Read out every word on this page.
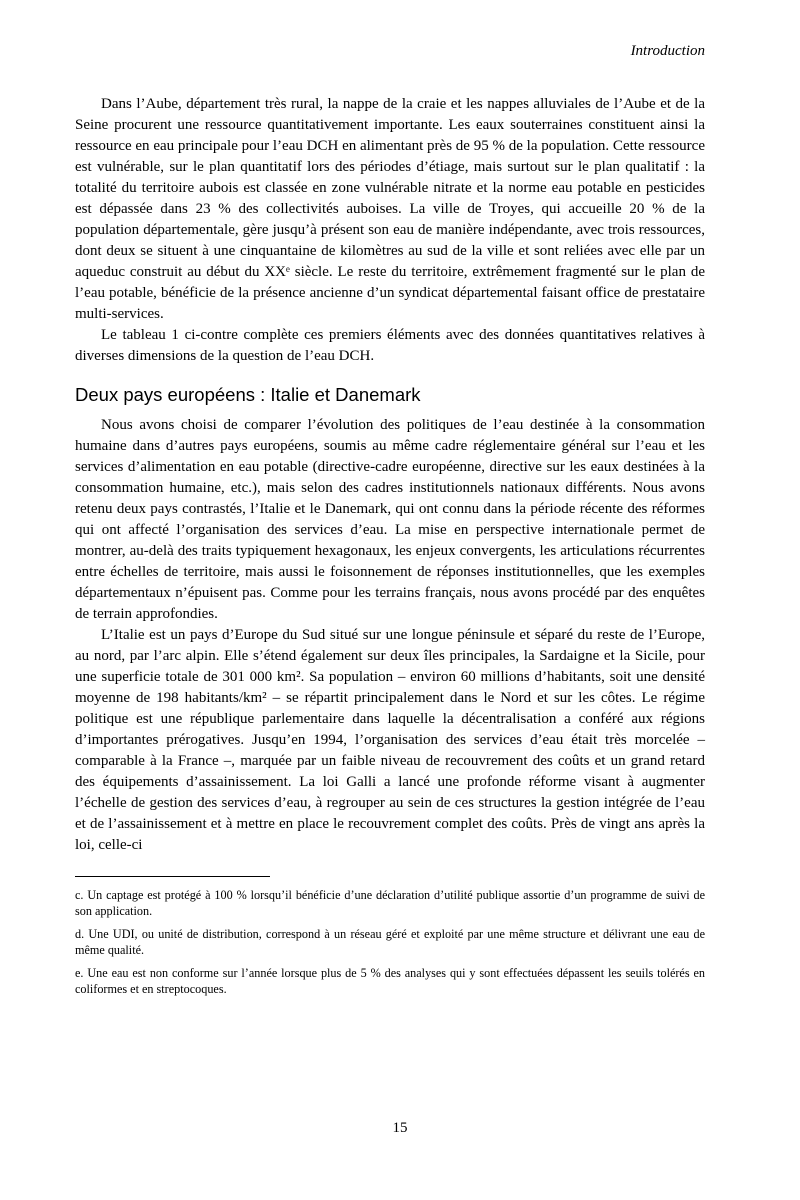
Introduction

Dans l’Aube, département très rural, la nappe de la craie et les nappes alluviales de l’Aube et de la Seine procurent une ressource quantitativement importante. Les eaux souterraines constituent ainsi la ressource en eau principale pour l’eau DCH en alimentant près de 95 % de la population. Cette ressource est vulnérable, sur le plan quantitatif lors des périodes d’étiage, mais surtout sur le plan qualitatif : la totalité du territoire aubois est classée en zone vulnérable nitrate et la norme eau potable en pesticides est dépassée dans 23 % des collectivités auboises. La ville de Troyes, qui accueille 20 % de la population départementale, gère jusqu’à présent son eau de manière indépendante, avec trois ressources, dont deux se situent à une cinquantaine de kilomètres au sud de la ville et sont reliées avec elle par un aqueduc construit au début du XXᵉ siècle. Le reste du territoire, extrêmement fragmenté sur le plan de l’eau potable, bénéficie de la présence ancienne d’un syndicat départemental faisant office de prestataire multi-services.

Le tableau 1 ci-contre complète ces premiers éléments avec des données quantitatives relatives à diverses dimensions de la question de l’eau DCH.

Deux pays européens : Italie et Danemark

Nous avons choisi de comparer l’évolution des politiques de l’eau destinée à la consommation humaine dans d’autres pays européens, soumis au même cadre réglementaire général sur l’eau et les services d’alimentation en eau potable (directive-cadre européenne, directive sur les eaux destinées à la consommation humaine, etc.), mais selon des cadres institutionnels nationaux différents. Nous avons retenu deux pays contrastés, l’Italie et le Danemark, qui ont connu dans la période récente des réformes qui ont affecté l’organisation des services d’eau. La mise en perspective internationale permet de montrer, au-delà des traits typiquement hexagonaux, les enjeux convergents, les articulations récurrentes entre échelles de territoire, mais aussi le foisonnement de réponses institutionnelles, que les exemples départementaux n’épuisent pas. Comme pour les terrains français, nous avons procédé par des enquêtes de terrain approfondies.

L’Italie est un pays d’Europe du Sud situé sur une longue péninsule et séparé du reste de l’Europe, au nord, par l’arc alpin. Elle s’étend également sur deux îles principales, la Sardaigne et la Sicile, pour une superficie totale de 301 000 km². Sa population – environ 60 millions d’habitants, soit une densité moyenne de 198 habitants/km² – se répartit principalement dans le Nord et sur les côtes. Le régime politique est une république parlementaire dans laquelle la décentralisation a conféré aux régions d’importantes prérogatives. Jusqu’en 1994, l’organisation des services d’eau était très morcelée – comparable à la France –, marquée par un faible niveau de recouvrement des coûts et un grand retard des équipements d’assainissement. La loi Galli a lancé une profonde réforme visant à augmenter l’échelle de gestion des services d’eau, à regrouper au sein de ces structures la gestion intégrée de l’eau et de l’assainissement et à mettre en place le recouvrement complet des coûts. Près de vingt ans après la loi, celle-ci

c. Un captage est protégé à 100 % lorsqu’il bénéficie d’une déclaration d’utilité publique assortie d’un programme de suivi de son application.

d. Une UDI, ou unité de distribution, correspond à un réseau géré et exploité par une même structure et délivrant une eau de même qualité.

e. Une eau est non conforme sur l’année lorsque plus de 5 % des analyses qui y sont effectuées dépassent les seuils tolérés en coliformes et en streptocoques.

15
